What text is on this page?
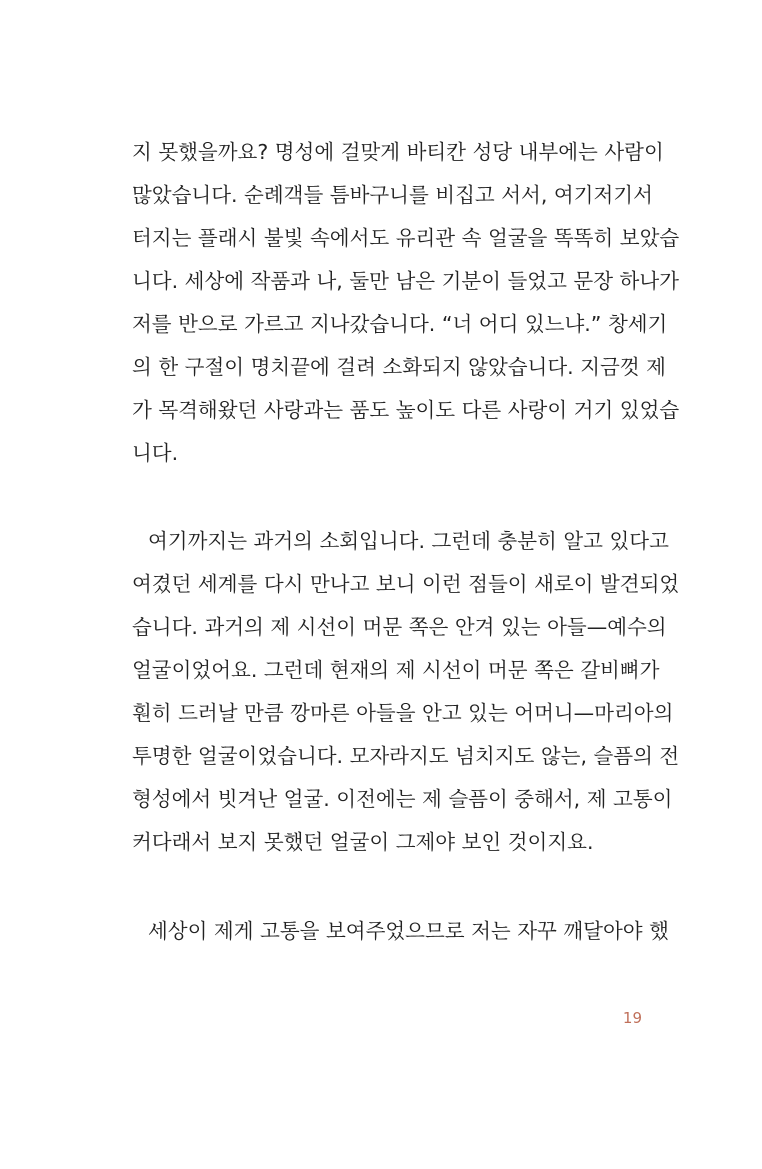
지 못했을까요? 명성에 걸맞게 바티칸 성당 내부에는 사람이
많았습니다. 순례객들 틈바구니를 비집고 서서, 여기저기서
터지는 플래시 불빛 속에서도 유리관 속 얼굴을 똑똑히 보았습
니다. 세상에 작품과 나, 둘만 남은 기분이 들었고 문장 하나가
저를 반으로 가르고 지나갔습니다. “너 어디 있느냐.” 창세기
의 한 구절이 명치끝에 걸려 소화되지 않았습니다. 지금껏 제
가 목격해왔던 사랑과는 품도 높이도 다른 사랑이 거기 있었습
니다.
여기까지는 과거의 소회입니다. 그런데 충분히 알고 있다고
여겼던 세계를 다시 만나고 보니 이런 점들이 새로이 발견되었
습니다. 과거의 제 시선이 머문 쪽은 안겨 있는 아들—예수의
얼굴이었어요. 그런데 현재의 제 시선이 머문 쪽은 갈비뼈가
훤히 드러날 만큼 깡마른 아들을 안고 있는 어머니—마리아의
투명한 얼굴이었습니다. 모자라지도 넘치지도 않는, 슬픔의 전
형성에서 빗겨난 얼굴. 이전에는 제 슬픔이 중해서, 제 고통이
커다래서 보지 못했던 얼굴이 그제야 보인 것이지요.
세상이 제게 고통을 보여주었으므로 저는 자꾸 깨달아야 했
19
